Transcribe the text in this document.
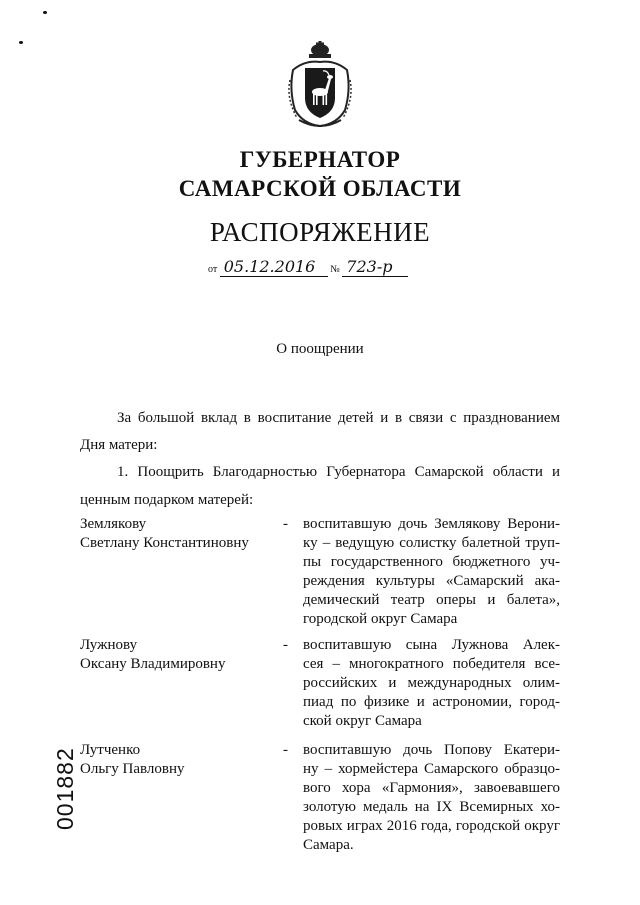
ГУБЕРНАТОР
САМАРСКОЙ ОБЛАСТИ
РАСПОРЯЖЕНИЕ
от 05.12.2016 № 723-р
О поощрении
За большой вклад в воспитание детей и в связи с празднованием
Дня матери:
1. Поощрить Благодарностью Губернатора Самарской области и
ценным подарком матерей:
Землякову
Светлану Константиновну
- воспитавшую дочь Землякову Верони-
ку – ведущую солистку балетной труп-
пы государственного бюджетного уч-
реждения культуры «Самарский ака-
демический театр оперы и балета»,
городской округ Самара
Лужнову
Оксану Владимировну
- воспитавшую сына Лужнова Алек-
сея – многократного победителя все-
российских и международных олим-
пиад по физике и астрономии, город-
ской округ Самара
Лутченко
Ольгу Павловну
- воспитавшую дочь Попову Екатери-
ну – хормейстера Самарского образцо-
вого хора «Гармония», завоевавшего
золотую медаль на IX Всемирных хо-
ровых играх 2016 года, городской округ
Самара.
001882
